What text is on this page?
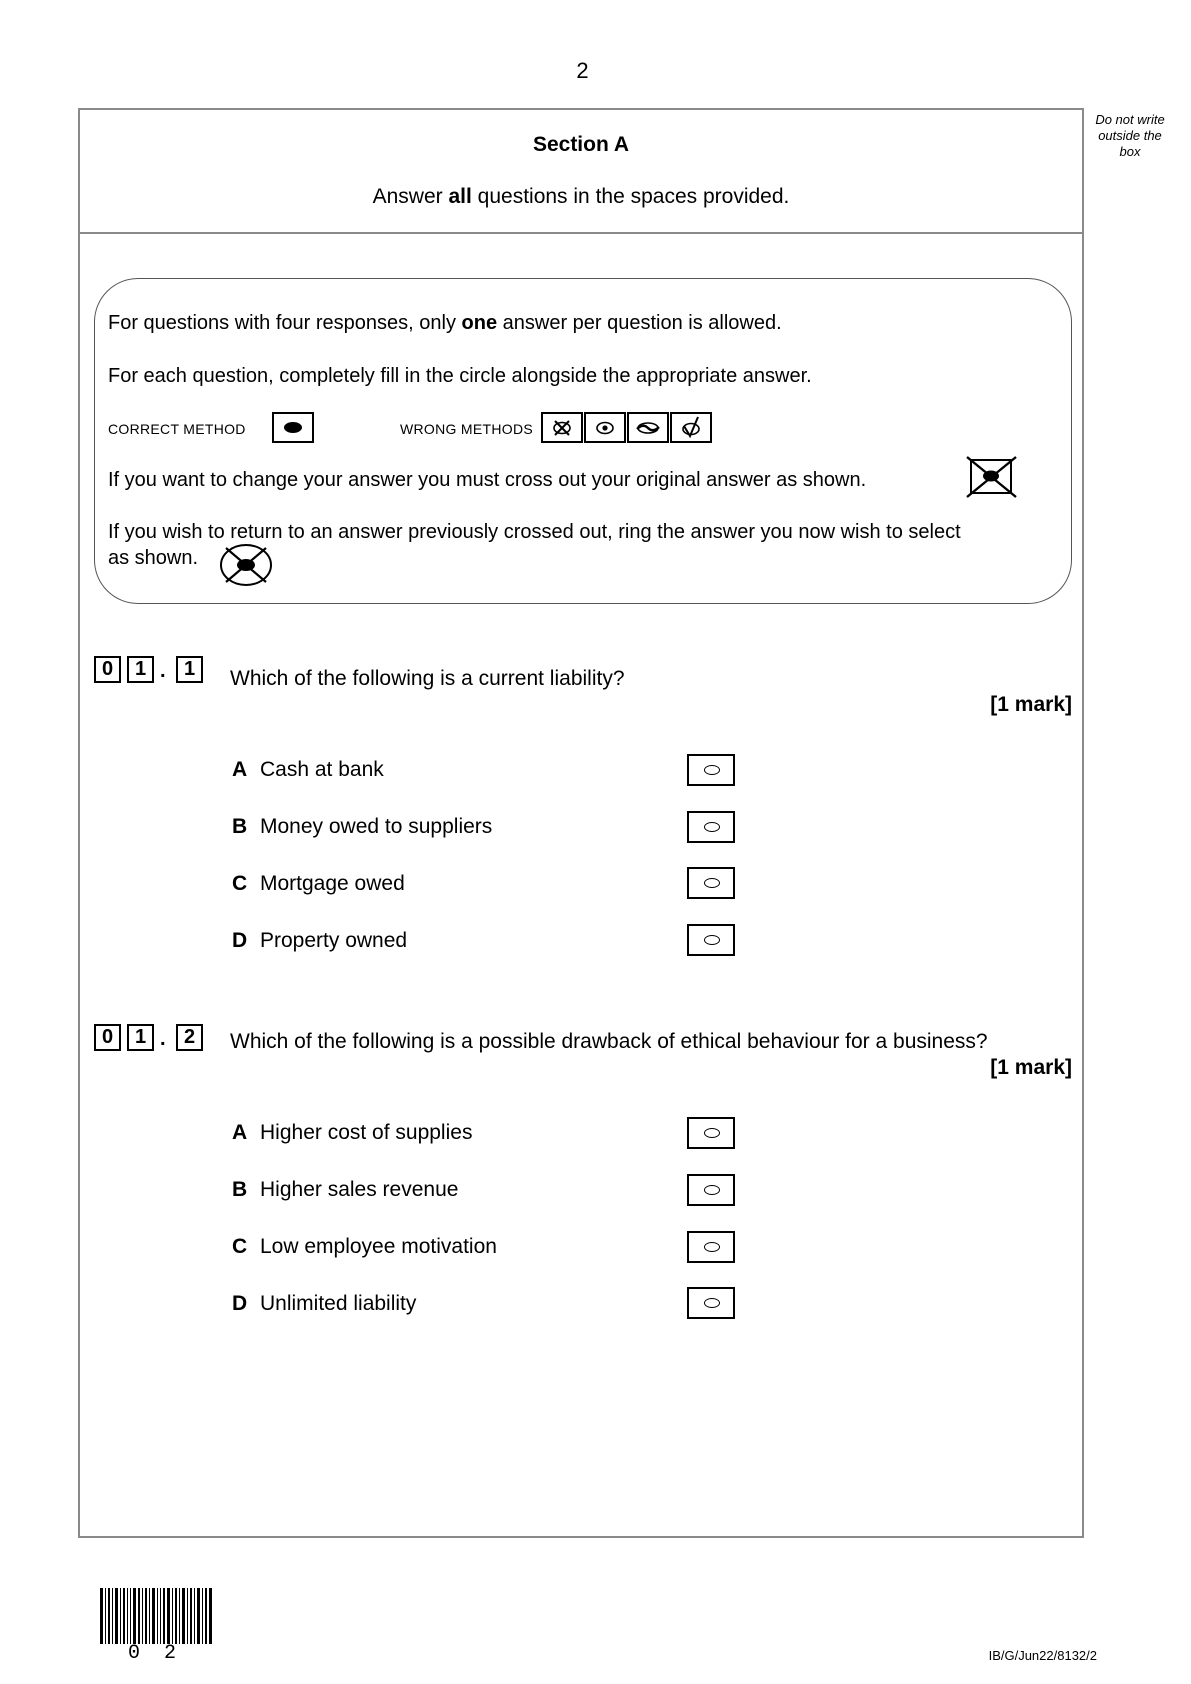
2
Do not write
outside the
box
Section A
Answer all questions in the spaces provided.
For questions with four responses, only one answer per question is allowed.
For each question, completely fill in the circle alongside the appropriate answer.
CORRECT METHOD	WRONG METHODS
If you want to change your answer you must cross out your original answer as shown.
If you wish to return to an answer previously crossed out, ring the answer you now wish to select
as shown.
0	1 . 1	Which of the following is a current liability?
[1 mark]
A Cash at bank
B Money owed to suppliers
C Mortgage owed
D Property owned
0	1 . 2	Which of the following is a possible drawback of ethical behaviour for a business?
[1 mark]
A Higher cost of supplies
B Higher sales revenue
C Low employee motivation
D Unlimited liability
0 2	IB/G/Jun22/8132/2
